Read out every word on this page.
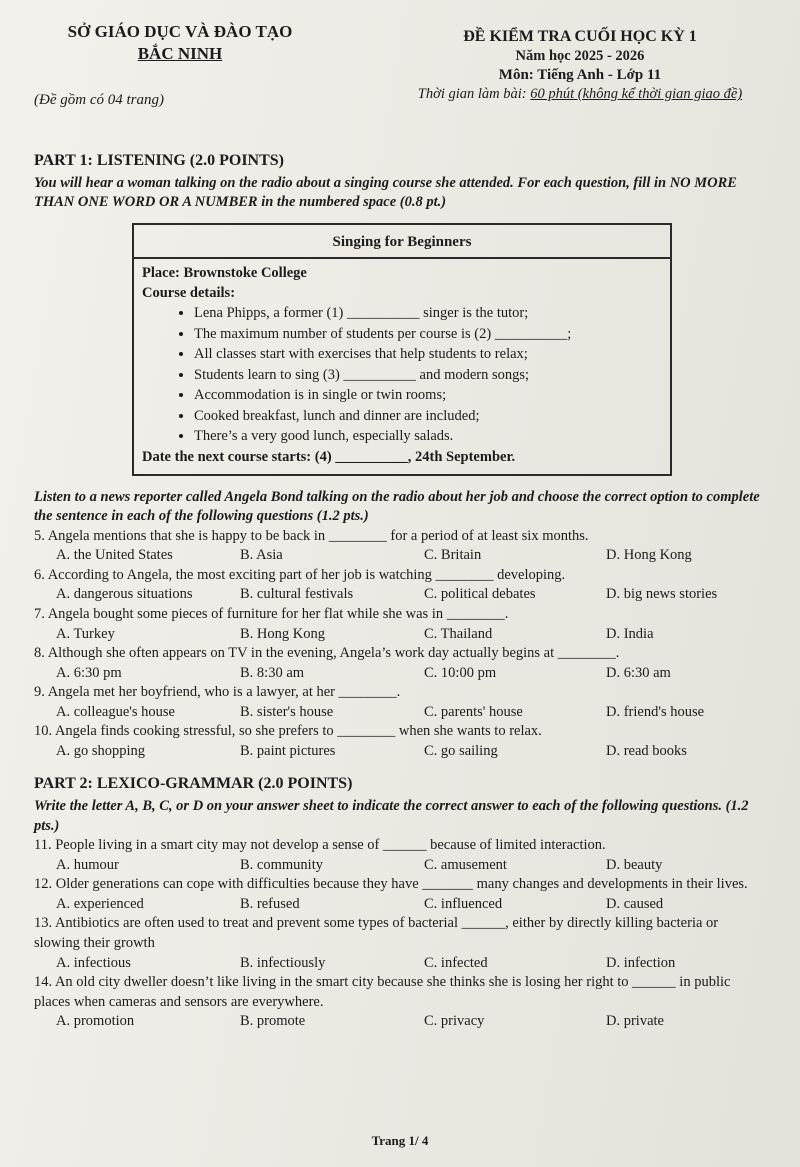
SỞ GIÁO DỤC VÀ ĐÀO TẠO
BẮC NINH
(Đề gồm có 04 trang)
ĐỀ KIỂM TRA CUỐI HỌC KỲ 1
Năm học 2025 - 2026
Môn: Tiếng Anh - Lớp 11
Thời gian làm bài: 60 phút (không kể thời gian giao đề)

PART 1: LISTENING (2.0 POINTS)

You will hear a woman talking on the radio about a singing course she attended. For each question, fill in NO MORE THAN ONE WORD OR A NUMBER in the numbered space (0.8 pt.)

Singing for Beginners
Place: Brownstoke College
Course details:
• Lena Phipps, a former (1) __________ singer is the tutor;
• The maximum number of students per course is (2) __________;
• All classes start with exercises that help students to relax;
• Students learn to sing (3) __________ and modern songs;
• Accommodation is in single or twin rooms;
• Cooked breakfast, lunch and dinner are included;
• There’s a very good lunch, especially salads.
Date the next course starts: (4) __________, 24th September.

Listen to a news reporter called Angela Bond talking on the radio about her job and choose the correct option to complete the sentence in each of the following questions (1.2 pts.)

5. Angela mentions that she is happy to be back in ________ for a period of at least six months.

A. the United States	B. Asia	C. Britain	D. Hong Kong

6. According to Angela, the most exciting part of her job is watching ________ developing.

A. dangerous situations	B. cultural festivals	C. political debates	D. big news stories

7. Angela bought some pieces of furniture for her flat while she was in ________.

A. Turkey	B. Hong Kong	C. Thailand	D. India

8. Although she often appears on TV in the evening, Angela’s work day actually begins at ________.

A. 6:30 pm	B. 8:30 am	C. 10:00 pm	D. 6:30 am

9. Angela met her boyfriend, who is a lawyer, at her ________.

A. colleague's house	B. sister's house	C. parents' house	D. friend's house

10. Angela finds cooking stressful, so she prefers to ________ when she wants to relax.

A. go shopping	B. paint pictures	C. go sailing	D. read books

PART 2: LEXICO-GRAMMAR (2.0 POINTS)

Write the letter A, B, C, or D on your answer sheet to indicate the correct answer to each of the following questions. (1.2 pts.)

11. People living in a smart city may not develop a sense of ______ because of limited interaction.

A. humour	B. community	C. amusement	D. beauty

12. Older generations can cope with difficulties because they have _______ many changes and developments in their lives.

A. experienced	B. refused	C. influenced	D. caused

13. Antibiotics are often used to treat and prevent some types of bacterial ______, either by directly killing bacteria or slowing their growth

A. infectious	B. infectiously	C. infected	D. infection

14. An old city dweller doesn’t like living in the smart city because she thinks she is losing her right to ______ in public places when cameras and sensors are everywhere.

A. promotion	B. promote	C. privacy	D. private
Trang 1/ 4
